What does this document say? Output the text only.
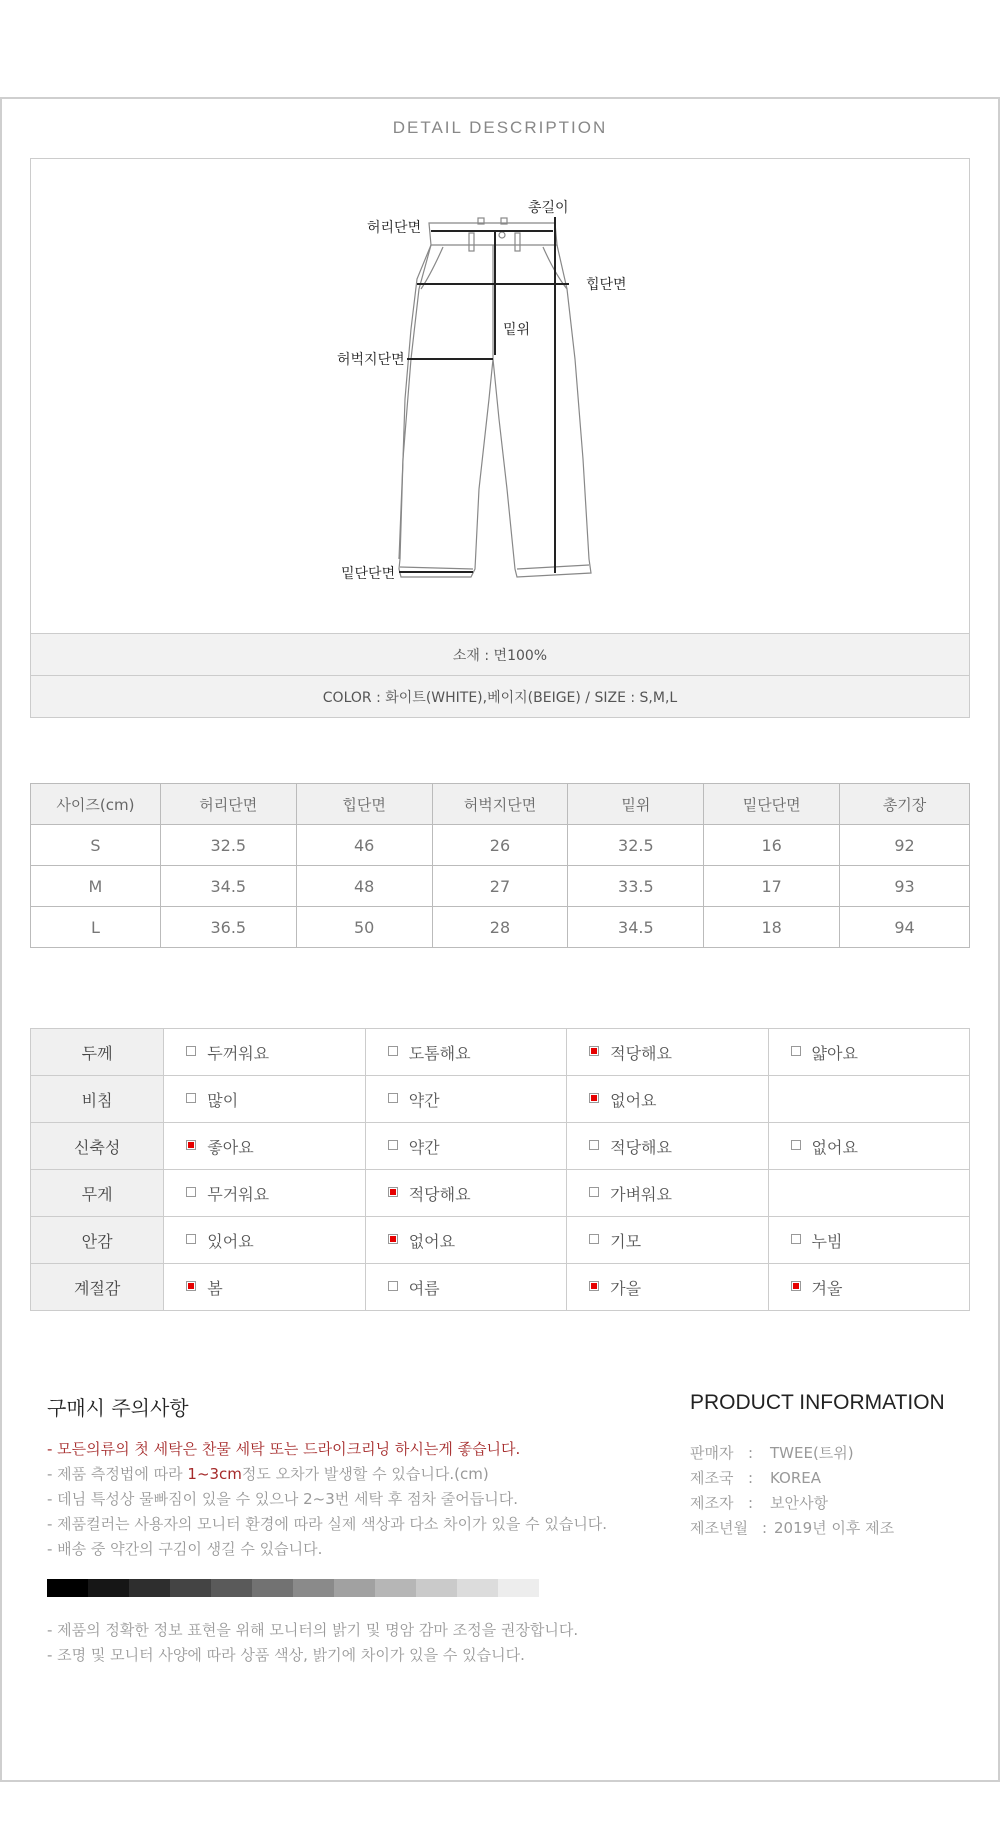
DETAIL DESCRIPTION
총길이
허리단면
힙단면
밑위
허벅지단면
밑단단면
소재 : 면100%
COLOR : 화이트(WHITE),베이지(BEIGE) / SIZE : S,M,L
사이즈(cm)	허리단면	힙단면	허벅지단면	밑위	밑단단면	총기장
S	32.5	46	26	32.5	16	92
M	34.5	48	27	33.5	17	93
L	36.5	50	28	34.5	18	94
두께	두꺼워요	도톰해요	적당해요	얇아요
비침	많이	약간	없어요	
신축성	좋아요	약간	적당해요	없어요
무게	무거워요	적당해요	가벼워요	
안감	있어요	없어요	기모	누빔
계절감	봄	여름	가을	겨울
구매시 주의사항
- 모든의류의 첫 세탁은 찬물 세탁 또는 드라이크리닝 하시는게 좋습니다.
- 제품 측정법에 따라 1~3cm정도 오차가 발생할 수 있습니다.(cm)
- 데님 특성상 물빠짐이 있을 수 있으나 2~3번 세탁 후 점차 줄어듭니다.
- 제품컬러는 사용자의 모니터 환경에 따라 실제 색상과 다소 차이가 있을 수 있습니다.
- 배송 중 약간의 구김이 생길 수 있습니다.
- 제품의 정확한 정보 표현을 위해 모니터의 밝기 및 명암 감마 조정을 권장합니다.
- 조명 및 모니터 사양에 따라 상품 색상, 밝기에 차이가 있을 수 있습니다.
PRODUCT INFORMATION
판매자 : TWEE(트위)
제조국 : KOREA
제조자 : 보안사항
제조년월 : 2019년 이후 제조
